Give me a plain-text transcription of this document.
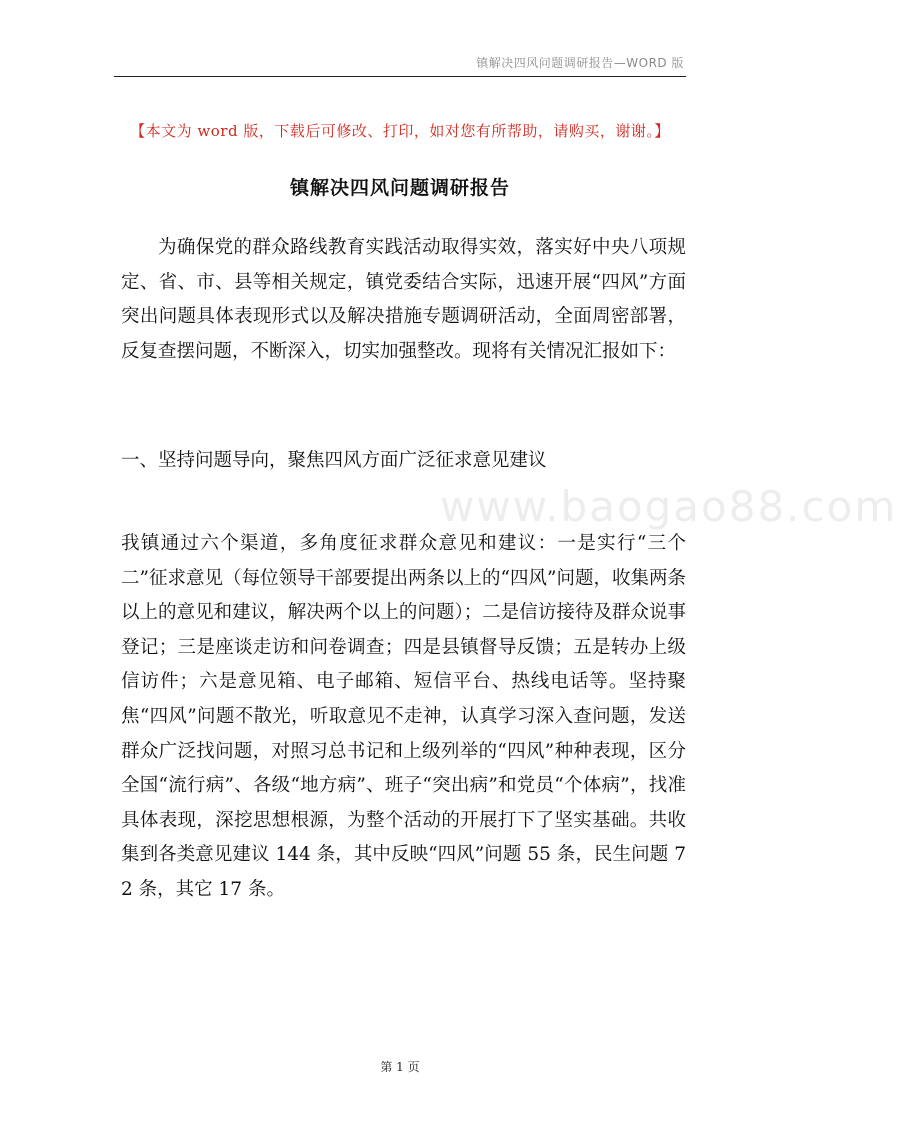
镇解决四风问题调研报告—WORD 版
【本文为 word 版，下载后可修改、打印，如对您有所帮助，请购买，谢谢。】
镇解决四风问题调研报告

为确保党的群众路线教育实践活动取得实效，落实好中央八项规定、省、市、县等相关规定，镇党委结合实际，迅速开展“四风”方面突出问题具体表现形式以及解决措施专题调研活动，全面周密部署，反复查摆问题，不断深入，切实加强整改。现将有关情况汇报如下：

一、坚持问题导向，聚焦四风方面广泛征求意见建议
www.baogao88.com

我镇通过六个渠道，多角度征求群众意见和建议：一是实行“三个二”征求意见（每位领导干部要提出两条以上的“四风”问题，收集两条以上的意见和建议，解决两个以上的问题）；二是信访接待及群众说事登记；三是座谈走访和问卷调查；四是县镇督导反馈；五是转办上级信访件；六是意见箱、电子邮箱、短信平台、热线电话等。坚持聚焦“四风”问题不散光，听取意见不走神，认真学习深入查问题，发送群众广泛找问题，对照习总书记和上级列举的“四风”种种表现，区分全国“流行病”、各级“地方病”、班子“突出病”和党员“个体病”，找准具体表现，深挖思想根源，为整个活动的开展打下了坚实基础。共收集到各类意见建议 144 条，其中反映“四风”问题 55 条，民生问题 72 条，其它 17 条。

第 1 页
